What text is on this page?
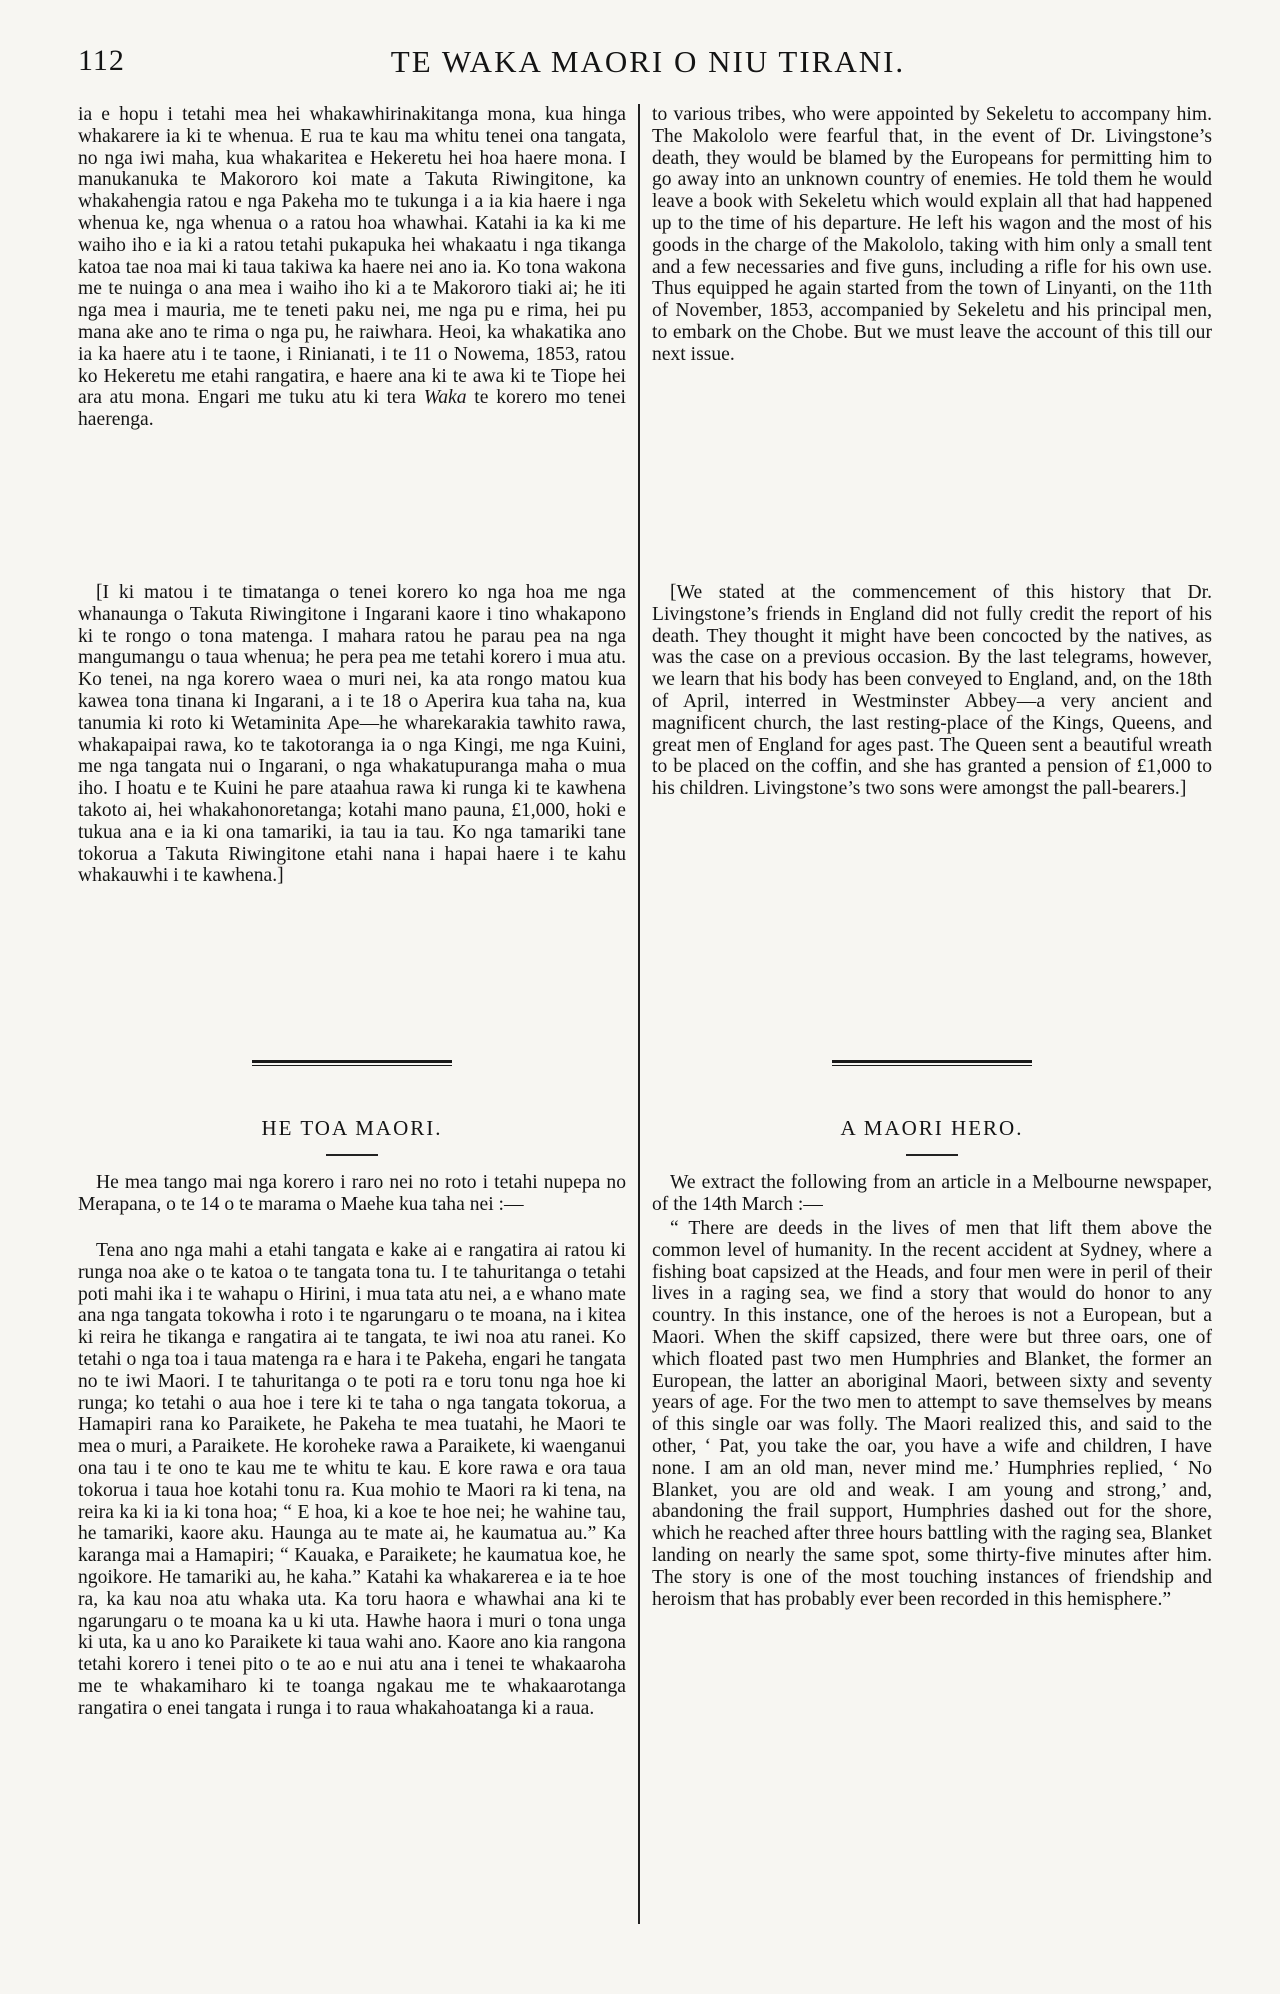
112	TE WAKA MAORI O NIU TIRANI.

ia e hopu i tetahi mea hei whakawhirinakitanga mona, kua hinga whakarere ia ki te whenua. E rua te kau ma whitu tenei ona tangata, no nga iwi maha, kua whakaritea e Hekeretu hei hoa haere mona. I manukanuka te Makororo koi mate a Takuta Riwingitone, ka whakahengia ratou e nga Pakeha mo te tukunga i a ia kia haere i nga whenua ke, nga whenua o a ratou hoa whawhai. Katahi ia ka ki me waiho iho e ia ki a ratou tetahi pukapuka hei whakaatu i nga tikanga katoa tae noa mai ki taua takiwa ka haere nei ano ia. Ko tona wakona me te nuinga o ana mea i waiho iho ki a te Makororo tiaki ai; he iti nga mea i mauria, me te teneti paku nei, me nga pu e rima, hei pu mana ake ano te rima o nga pu, he raiwhara. Heoi, ka whakatika ano ia ka haere atu i te taone, i Rinianati, i te 11 o Nowema, 1853, ratou ko Hekeretu me etahi rangatira, e haere ana ki te awa ki te Tiope hei ara atu mona. Engari me tuku atu ki tera Waka te korero mo tenei haerenga.

[I ki matou i te timatanga o tenei korero ko nga hoa me nga whanaunga o Takuta Riwingitone i Ingarani kaore i tino whakapono ki te rongo o tona matenga. I mahara ratou he parau pea na nga mangumangu o taua whenua; he pera pea me tetahi korero i mua atu. Ko tenei, na nga korero waea o muri nei, ka ata rongo matou kua kawea tona tinana ki Ingarani, a i te 18 o Aperira kua taha na, kua tanumia ki roto ki Wetaminita Ape—he wharekarakia tawhito rawa, whakapaipai rawa, ko te takotoranga ia o nga Kingi, me nga Kuini, me nga tangata nui o Ingarani, o nga whakatupuranga maha o mua iho. I hoatu e te Kuini he pare ataahua rawa ki runga ki te kawhena takoto ai, hei whakahonoretanga; kotahi mano pauna, £1,000, hoki e tukua ana e ia ki ona tamariki, ia tau ia tau. Ko nga tamariki tane tokorua a Takuta Riwingitone etahi nana i hapai haere i te kahu whakauwhi i te kawhena.]

HE TOA MAORI.

He mea tango mai nga korero i raro nei no roto i tetahi nupepa no Merapana, o te 14 o te marama o Maehe kua taha nei :—

Tena ano nga mahi a etahi tangata e kake ai e rangatira ai ratou ki runga noa ake o te katoa o te tangata tona tu. I te tahuritanga o tetahi poti mahi ika i te wahapu o Hirini, i mua tata atu nei, a e whano mate ana nga tangata tokowha i roto i te ngarungaru o te moana, na i kitea ki reira he tikanga e rangatira ai te tangata, te iwi noa atu ranei. Ko tetahi o nga toa i taua matenga ra e hara i te Pakeha, engari he tangata no te iwi Maori. I te tahuritanga o te poti ra e toru tonu nga hoe ki runga; ko tetahi o aua hoe i tere ki te taha o nga tangata tokorua, a Hamapiri rana ko Paraikete, he Pakeha te mea tuatahi, he Maori te mea o muri, a Paraikete. He koroheke rawa a Paraikete, ki waenganui ona tau i te ono te kau me te whitu te kau. E kore rawa e ora taua tokorua i taua hoe kotahi tonu ra. Kua mohio te Maori ra ki tena, na reira ka ki ia ki tona hoa; “ E hoa, ki a koe te hoe nei; he wahine tau, he tamariki, kaore aku. Haunga au te mate ai, he kaumatua au.” Ka karanga mai a Hamapiri; “ Kauaka, e Paraikete; he kaumatua koe, he ngoikore. He tamariki au, he kaha.” Katahi ka whakarerea e ia te hoe ra, ka kau noa atu whaka uta. Ka toru haora e whawhai ana ki te ngarungaru o te moana ka u ki uta. Hawhe haora i muri o tona unga ki uta, ka u ano ko Paraikete ki taua wahi ano. Kaore ano kia rangona tetahi korero i tenei pito o te ao e nui atu ana i tenei te whakaaroha me te whakamiharo ki te toanga ngakau me te whakaarotanga rangatira o enei tangata i runga i to raua whakahoatanga ki a raua.

to various tribes, who were appointed by Sekeletu to accompany him. The Makololo were fearful that, in the event of Dr. Livingstone’s death, they would be blamed by the Europeans for permitting him to go away into an unknown country of enemies. He told them he would leave a book with Sekeletu which would explain all that had happened up to the time of his departure. He left his wagon and the most of his goods in the charge of the Makololo, taking with him only a small tent and a few necessaries and five guns, including a rifle for his own use. Thus equipped he again started from the town of Linyanti, on the 11th of November, 1853, accompanied by Sekeletu and his principal men, to embark on the Chobe. But we must leave the account of this till our next issue.

[We stated at the commencement of this history that Dr. Livingstone’s friends in England did not fully credit the report of his death. They thought it might have been concocted by the natives, as was the case on a previous occasion. By the last telegrams, however, we learn that his body has been conveyed to England, and, on the 18th of April, interred in Westminster Abbey—a very ancient and magnificent church, the last resting-place of the Kings, Queens, and great men of England for ages past. The Queen sent a beautiful wreath to be placed on the coffin, and she has granted a pension of £1,000 to his children. Livingstone’s two sons were amongst the pall-bearers.]

A MAORI HERO.

We extract the following from an article in a Melbourne newspaper, of the 14th March :—

“ There are deeds in the lives of men that lift them above the common level of humanity. In the recent accident at Sydney, where a fishing boat capsized at the Heads, and four men were in peril of their lives in a raging sea, we find a story that would do honor to any country. In this instance, one of the heroes is not a European, but a Maori. When the skiff capsized, there were but three oars, one of which floated past two men Humphries and Blanket, the former an European, the latter an aboriginal Maori, between sixty and seventy years of age. For the two men to attempt to save themselves by means of this single oar was folly. The Maori realized this, and said to the other, ‘ Pat, you take the oar, you have a wife and children, I have none. I am an old man, never mind me.’ Humphries replied, ‘ No Blanket, you are old and weak. I am young and strong,’ and, abandoning the frail support, Humphries dashed out for the shore, which he reached after three hours battling with the raging sea, Blanket landing on nearly the same spot, some thirty-five minutes after him. The story is one of the most touching instances of friendship and heroism that has probably ever been recorded in this hemisphere.”
